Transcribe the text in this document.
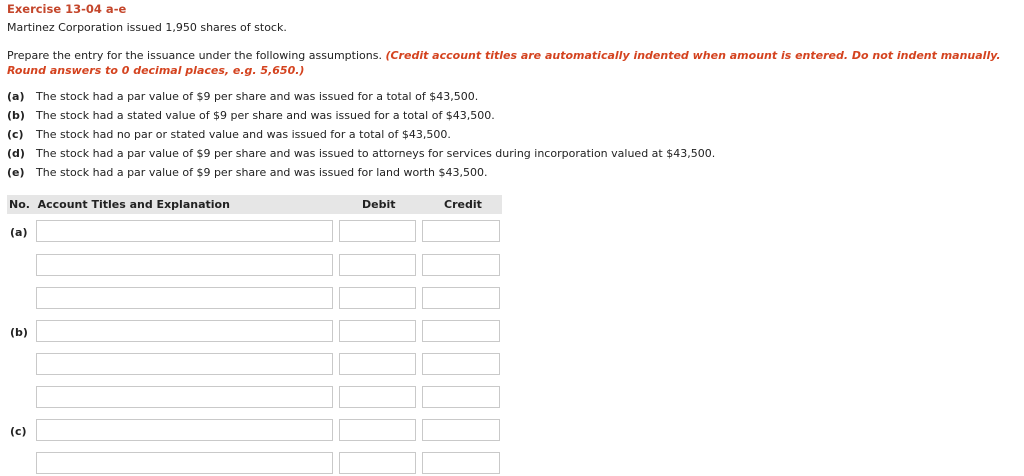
Exercise 13-04 a-e
Martinez Corporation issued 1,950 shares of stock.
Prepare the entry for the issuance under the following assumptions. (Credit account titles are automatically indented when amount is entered. Do not indent manually. Round answers to 0 decimal places, e.g. 5,650.)
(a) The stock had a par value of $9 per share and was issued for a total of $43,500.
(b) The stock had a stated value of $9 per share and was issued for a total of $43,500.
(c) The stock had no par or stated value and was issued for a total of $43,500.
(d) The stock had a par value of $9 per share and was issued to attorneys for services during incorporation valued at $43,500.
(e) The stock had a par value of $9 per share and was issued for land worth $43,500.
No.  Account Titles and Explanation	Debit	Credit
(a)
(b)
(c)
